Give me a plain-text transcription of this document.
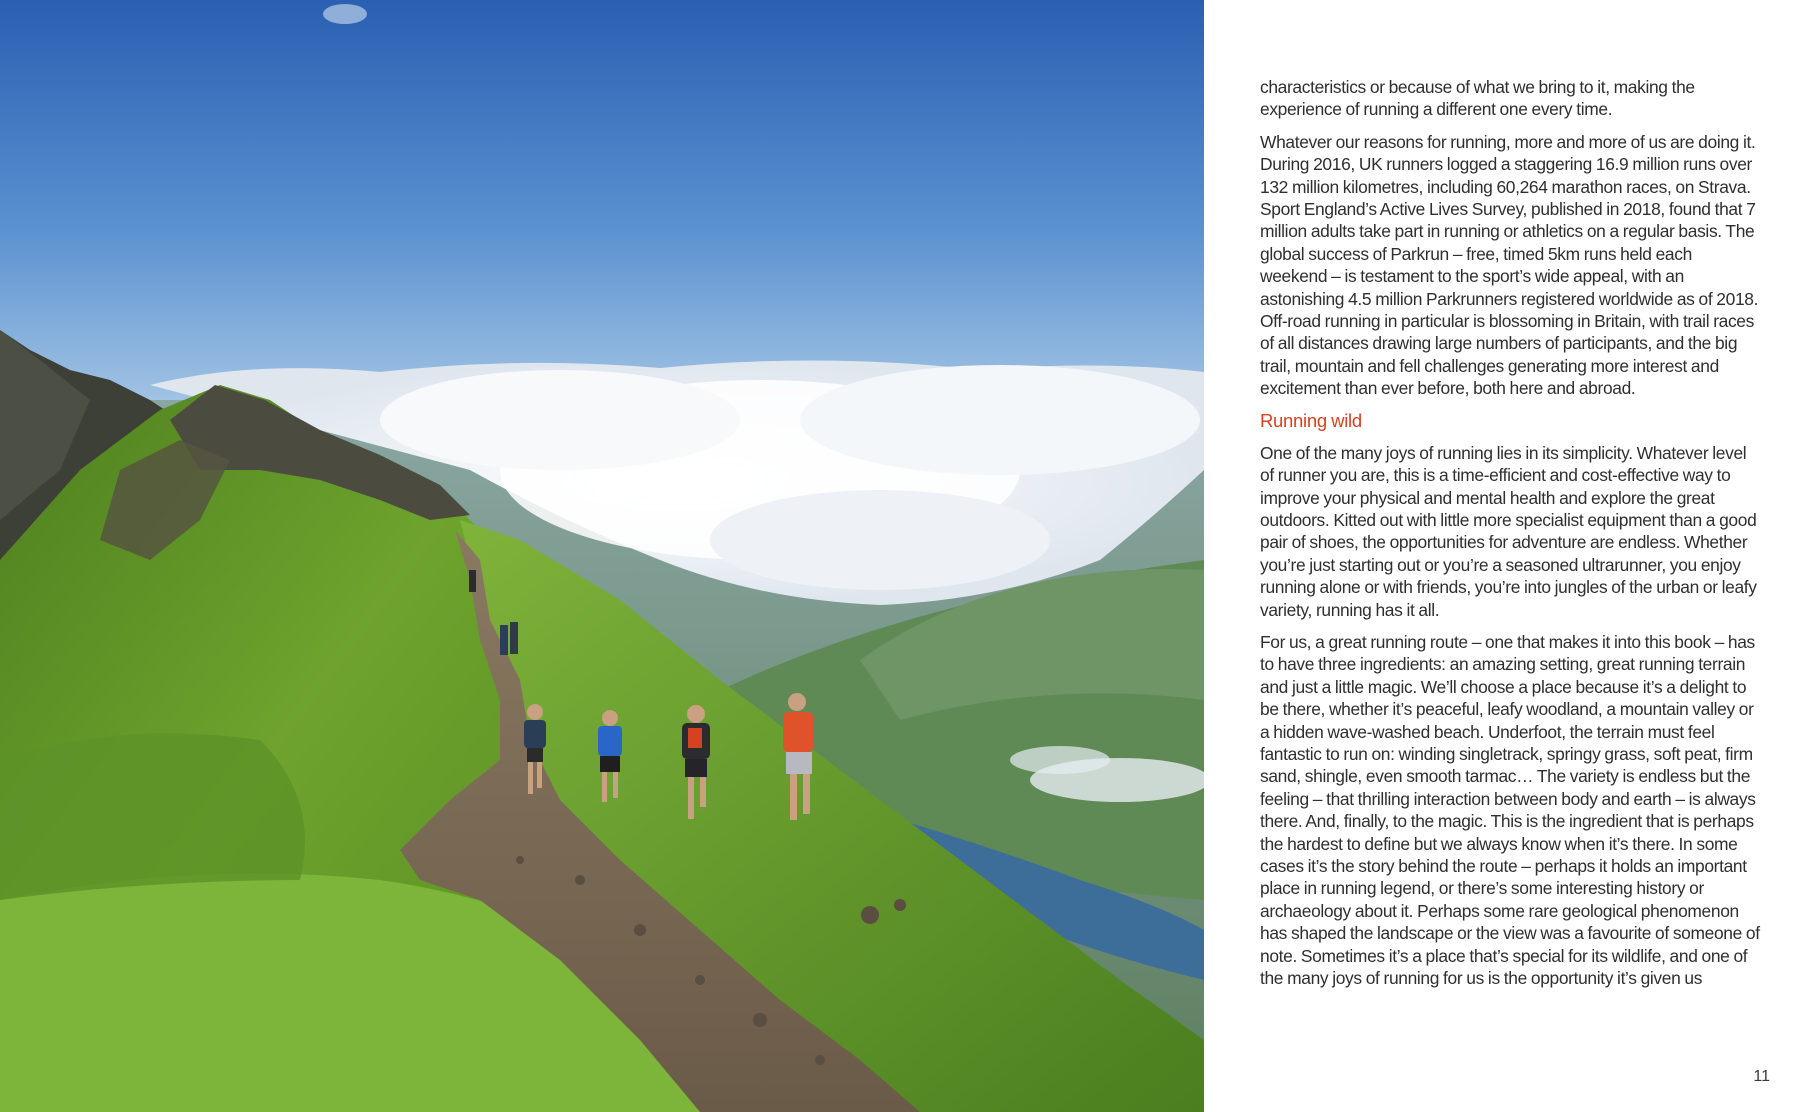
characteristics or because of what we bring to it, making the experience of running a different one every time.

Whatever our reasons for running, more and more of us are doing it. During 2016, UK runners logged a staggering 16.9 million runs over 132 million kilometres, including 60,264 marathon races, on Strava. Sport England’s Active Lives Survey, published in 2018, found that 7 million adults take part in running or athletics on a regular basis. The global success of Parkrun – free, timed 5km runs held each weekend – is testament to the sport’s wide appeal, with an astonishing 4.5 million Parkrunners registered worldwide as of 2018. Off-road running in particular is blossoming in Britain, with trail races of all distances drawing large numbers of participants, and the big trail, mountain and fell challenges generating more interest and excitement than ever before, both here and abroad.

Running wild

One of the many joys of running lies in its simplicity. Whatever level of runner you are, this is a time-efficient and cost-effective way to improve your physical and mental health and explore the great outdoors. Kitted out with little more specialist equipment than a good pair of shoes, the opportunities for adventure are endless. Whether you’re just starting out or you’re a seasoned ultrarunner, you enjoy running alone or with friends, you’re into jungles of the urban or leafy variety, running has it all.

For us, a great running route – one that makes it into this book – has to have three ingredients: an amazing setting, great running terrain and just a little magic. We’ll choose a place because it’s a delight to be there, whether it’s peaceful, leafy woodland, a mountain valley or a hidden wave-washed beach. Underfoot, the terrain must feel fantastic to run on: winding singletrack, springy grass, soft peat, firm sand, shingle, even smooth tarmac… The variety is endless but the feeling – that thrilling interaction between body and earth – is always there. And, finally, to the magic. This is the ingredient that is perhaps the hardest to define but we always know when it’s there. In some cases it’s the story behind the route – perhaps it holds an important place in running legend, or there’s some interesting history or archaeology about it. Perhaps some rare geological phenomenon has shaped the landscape or the view was a favourite of someone of note. Sometimes it’s a place that’s special for its wildlife, and one of the many joys of running for us is the opportunity it’s given us

11
